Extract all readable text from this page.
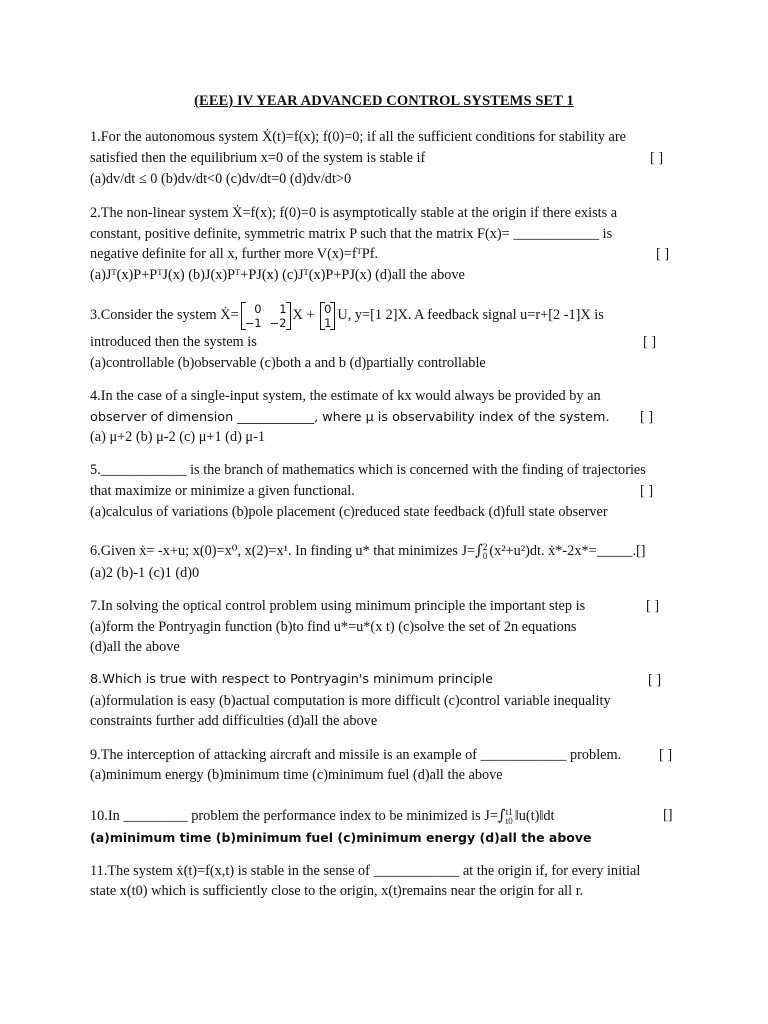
(EEE) IV YEAR ADVANCED CONTROL SYSTEMS SET 1
1.For the autonomous system Ẋ(t)=f(x); f(0)=0; if all the sufficient conditions for stability are
satisfied then the equilibrium x=0 of the system is stable if	[ ]
(a)dv/dt ≤ 0 (b)dv/dt<0 (c)dv/dt=0 (d)dv/dt>0
2.The non-linear system Ẋ=f(x); f(0)=0 is asymptotically stable at the origin if there exists a
constant, positive definite, symmetric matrix P such that the matrix F(x)= ____________ is
negative definite for all x, further more V(x)=fᵀPf.	[ ]
(a)Jᵀ(x)P+PᵀJ(x) (b)J(x)Pᵀ+PJ(x) (c)Jᵀ(x)P+PJ(x) (d)all the above
3.Consider the system Ẋ= 0	1
−1	−2 X + 0
1 U, y=[1 2]X. A feedback signal u=r+[2 -1]X is
introduced then the system is	[ ]
(a)controllable (b)observable (c)both a and b (d)partially controllable
4.In the case of a single-input system, the estimate of kx would always be provided by an
observer of dimension ____________, where μ is observability index of the system. [ ]
(a) μ+2 (b) μ-2 (c) μ+1 (d) μ-1
5.____________ is the branch of mathematics which is concerned with the finding of trajectories
that maximize or minimize a given functional.	[ ]
(a)calculus of variations (b)pole placement (c)reduced state feedback (d)full state observer
6.Given ẋ= -x+u; x(0)=x⁰, x(2)=x¹. In finding u* that minimizes J=∫2
0 (x²+u²)dt. ẋ*-2x*=_____.[]
(a)2 (b)-1 (c)1 (d)0
7.In solving the optical control problem using minimum principle the important step is	[ ]
(a)form the Pontryagin function (b)to find u*=u*(x t) (c)solve the set of 2n equations
(d)all the above
8.Which is true with respect to Pontryagin's minimum principle	[ ]
(a)formulation is easy (b)actual computation is more difficult (c)control variable inequality
constraints further add difficulties (d)all the above
9.The interception of attacking aircraft and missile is an example of ____________ problem.	[ ]
(a)minimum energy (b)minimum time (c)minimum fuel (d)all the above
10.In _________ problem the performance index to be minimized is J=∫t1
t0 ‖u(t)‖dt	[]
(a)minimum time (b)minimum fuel (c)minimum energy (d)all the above
11.The system ẋ(t)=f(x,t) is stable in the sense of ____________ at the origin if, for every initial
state x(t0) which is sufficiently close to the origin, x(t)remains near the origin for all r.
